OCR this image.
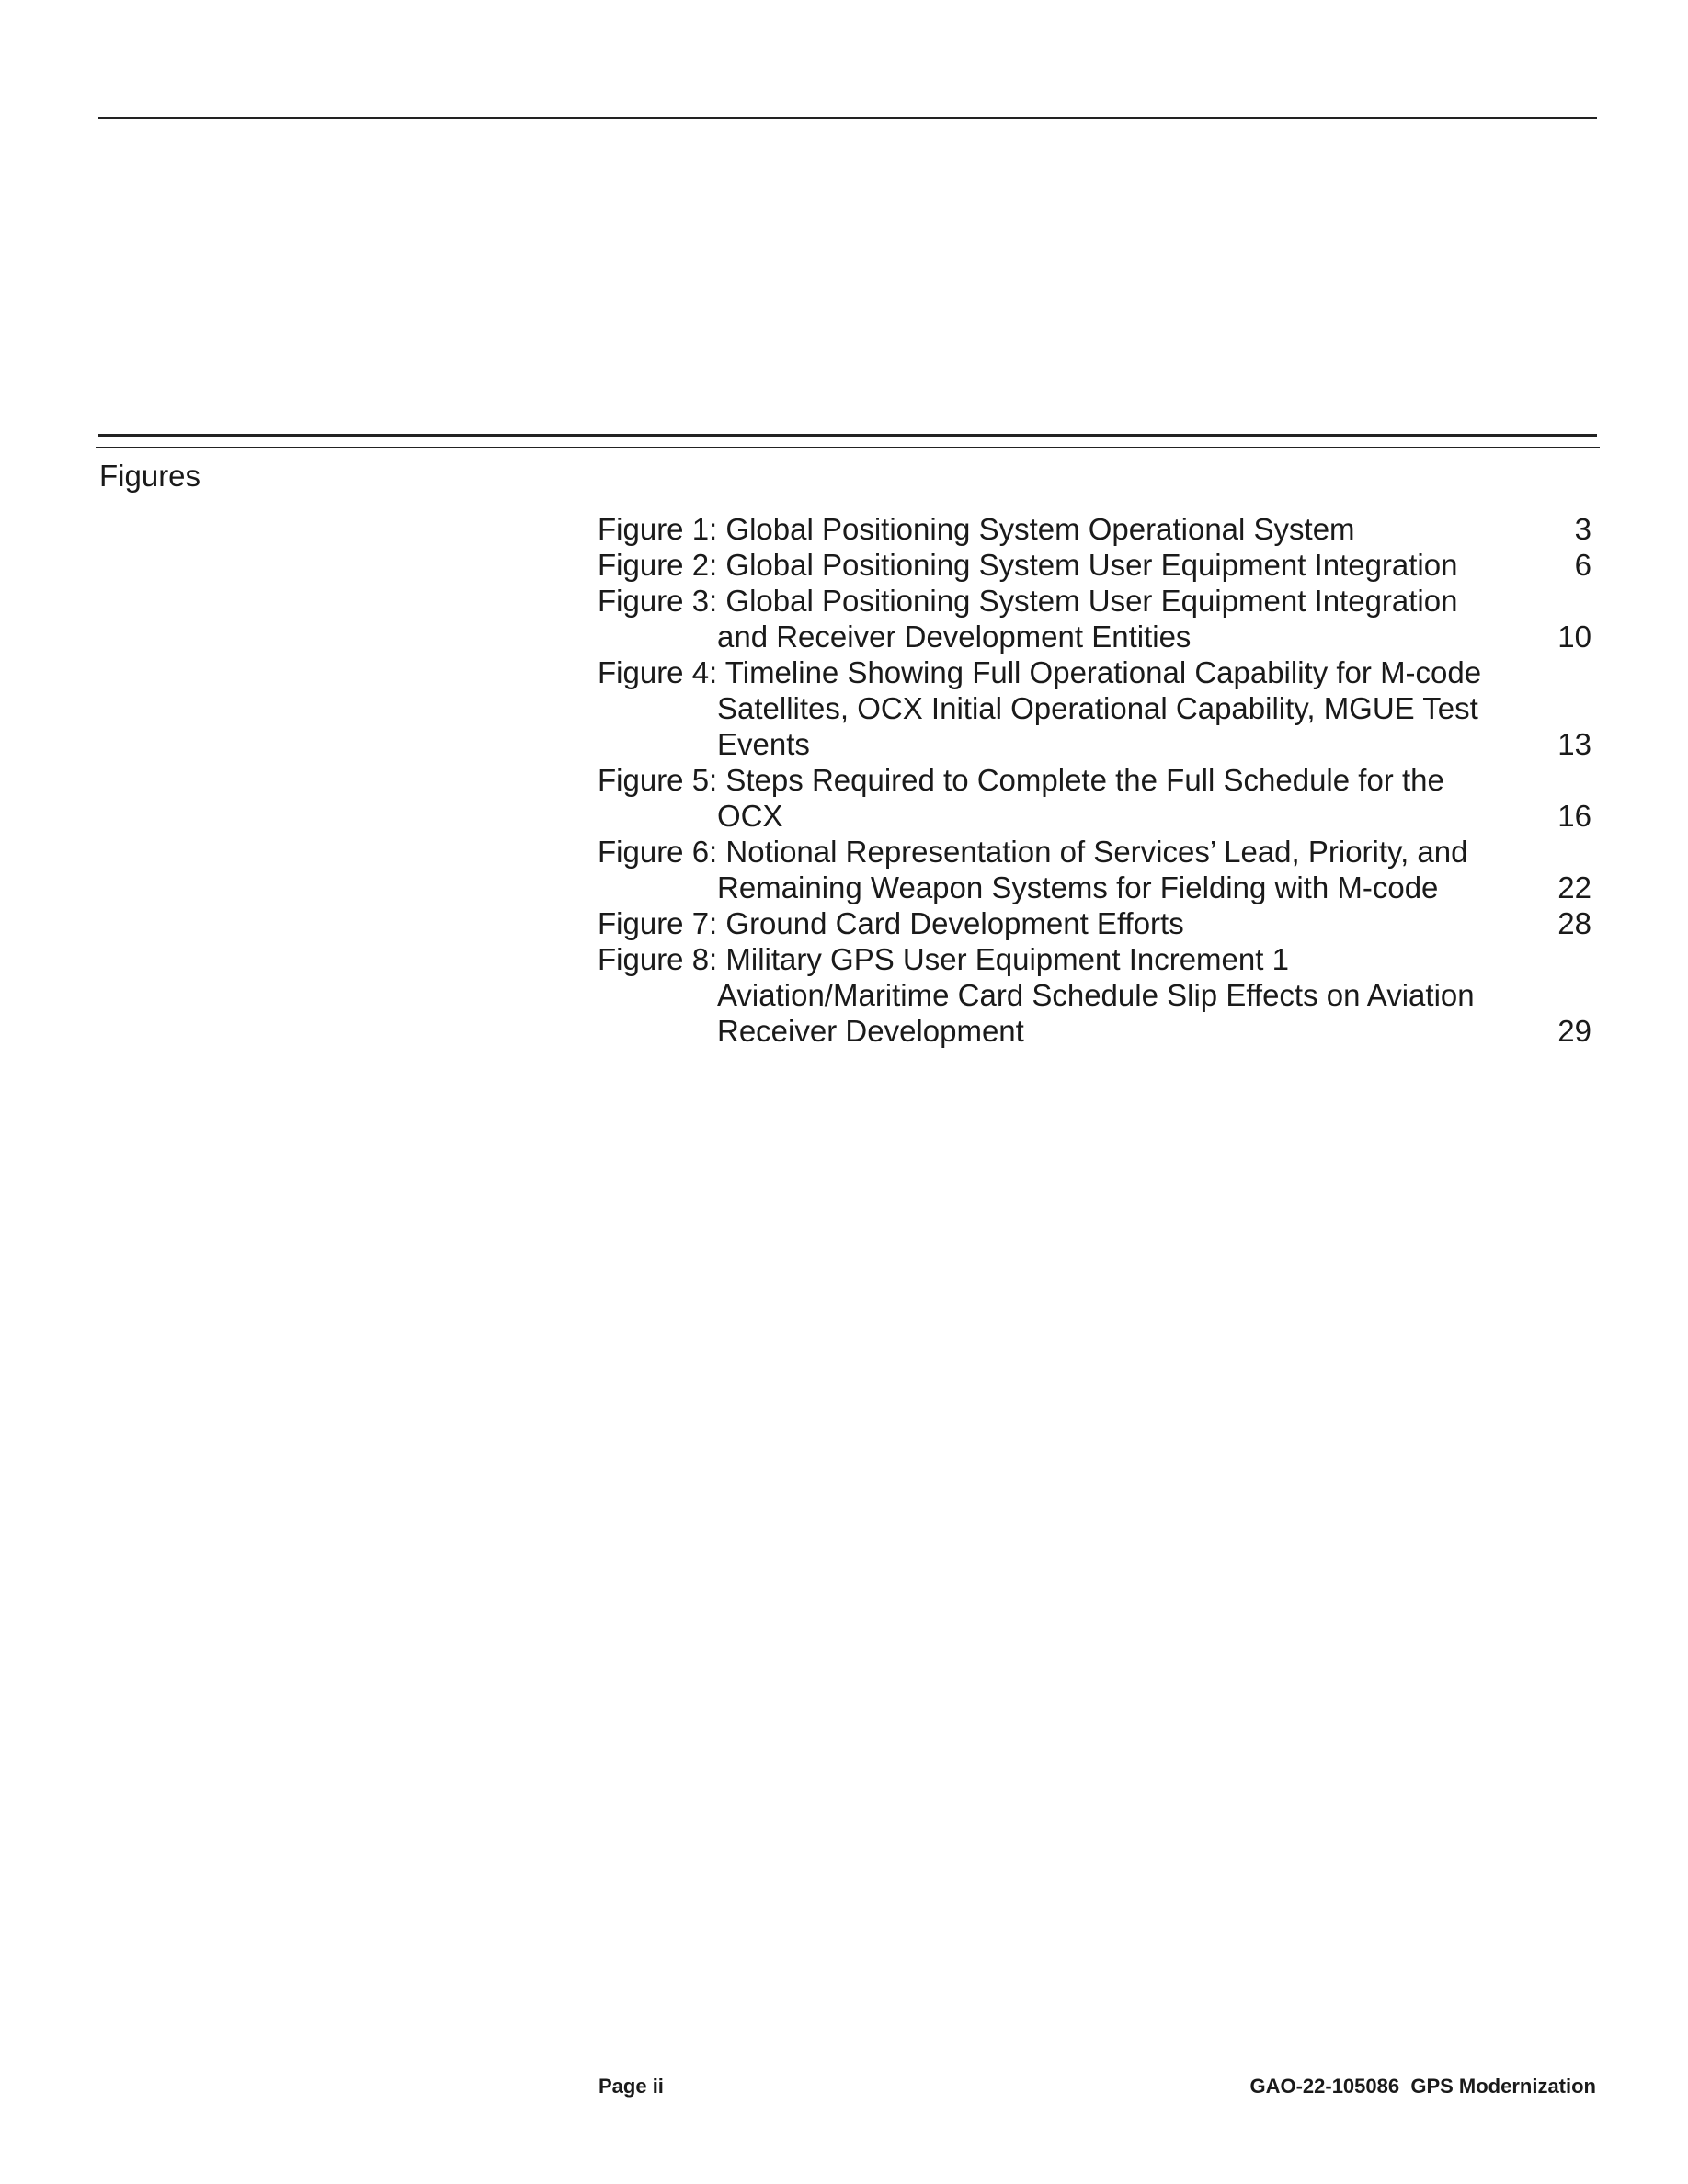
Figures
Figure 1: Global Positioning System Operational System	3
Figure 2: Global Positioning System User Equipment Integration	6
Figure 3: Global Positioning System User Equipment Integration and Receiver Development Entities	10
Figure 4: Timeline Showing Full Operational Capability for M-code Satellites, OCX Initial Operational Capability, MGUE Test Events	13
Figure 5: Steps Required to Complete the Full Schedule for the OCX	16
Figure 6: Notional Representation of Services’ Lead, Priority, and Remaining Weapon Systems for Fielding with M-code	22
Figure 7: Ground Card Development Efforts	28
Figure 8: Military GPS User Equipment Increment 1 Aviation/Maritime Card Schedule Slip Effects on Aviation Receiver Development	29
Page ii	GAO-22-105086  GPS Modernization
